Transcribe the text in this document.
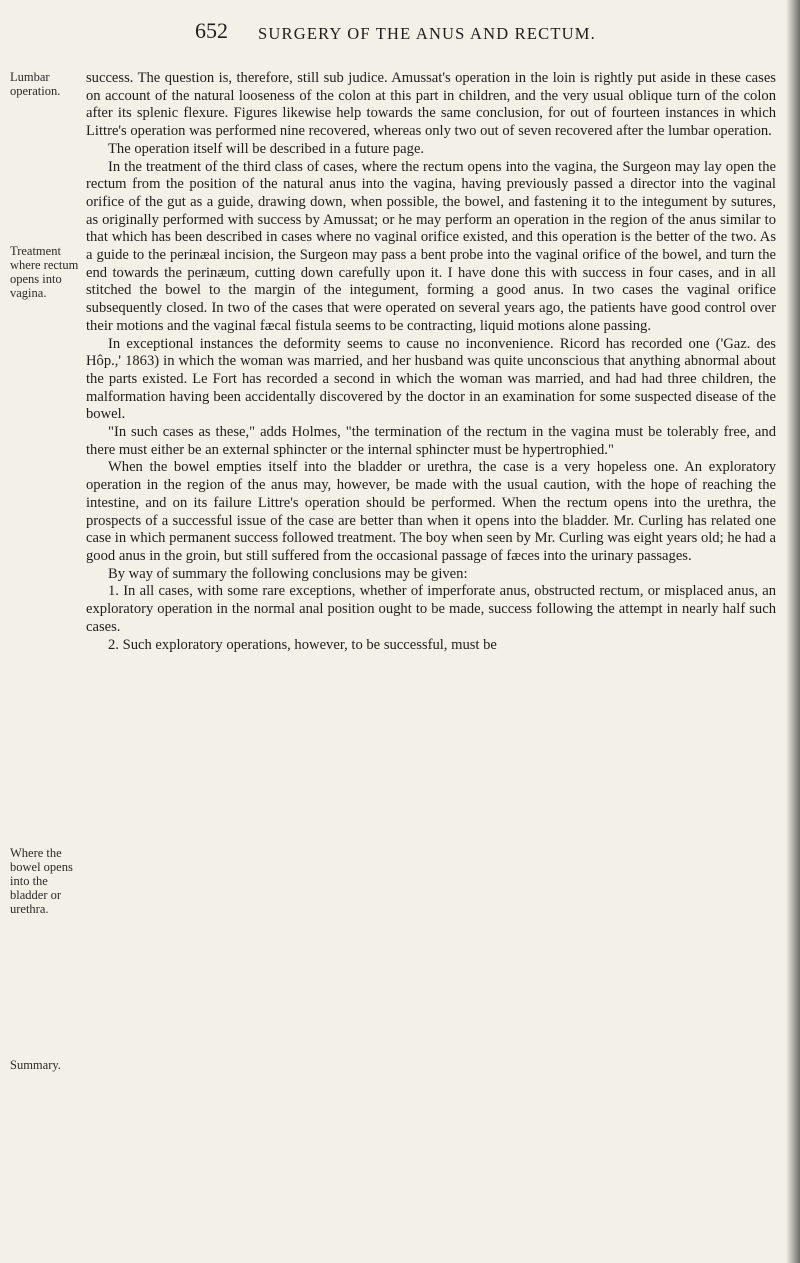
652 SURGERY OF THE ANUS AND RECTUM.
Lumbar operation.
Treatment where rectum opens into vagina.
Where the bowel opens into the bladder or urethra.
Summary.

success. The question is, therefore, still sub judice. Amussat's operation in the loin is rightly put aside in these cases on account of the natural looseness of the colon at this part in children, and the very usual oblique turn of the colon after its splenic flexure. Figures likewise help towards the same conclusion, for out of fourteen instances in which Littre's operation was performed nine recovered, whereas only two out of seven recovered after the lumbar operation.

The operation itself will be described in a future page.

In the treatment of the third class of cases, where the rectum opens into the vagina, the Surgeon may lay open the rectum from the position of the natural anus into the vagina, having previously passed a director into the vaginal orifice of the gut as a guide, drawing down, when possible, the bowel, and fastening it to the integument by sutures, as originally performed with success by Amussat; or he may perform an operation in the region of the anus similar to that which has been described in cases where no vaginal orifice existed, and this operation is the better of the two. As a guide to the perinæal incision, the Surgeon may pass a bent probe into the vaginal orifice of the bowel, and turn the end towards the perinæum, cutting down carefully upon it. I have done this with success in four cases, and in all stitched the bowel to the margin of the integument, forming a good anus. In two cases the vaginal orifice subsequently closed. In two of the cases that were operated on several years ago, the patients have good control over their motions and the vaginal fæcal fistula seems to be contracting, liquid motions alone passing.

In exceptional instances the deformity seems to cause no inconvenience. Ricord has recorded one ('Gaz. des Hôp.,' 1863) in which the woman was married, and her husband was quite unconscious that anything abnormal about the parts existed. Le Fort has recorded a second in which the woman was married, and had had three children, the malformation having been accidentally discovered by the doctor in an examination for some suspected disease of the bowel.

"In such cases as these," adds Holmes, "the termination of the rectum in the vagina must be tolerably free, and there must either be an external sphincter or the internal sphincter must be hypertrophied."

When the bowel empties itself into the bladder or urethra, the case is a very hopeless one. An exploratory operation in the region of the anus may, however, be made with the usual caution, with the hope of reaching the intestine, and on its failure Littre's operation should be performed. When the rectum opens into the urethra, the prospects of a successful issue of the case are better than when it opens into the bladder. Mr. Curling has related one case in which permanent success followed treatment. The boy when seen by Mr. Curling was eight years old; he had a good anus in the groin, but still suffered from the occasional passage of fæces into the urinary passages.

By way of summary the following conclusions may be given:

1. In all cases, with some rare exceptions, whether of imperforate anus, obstructed rectum, or misplaced anus, an exploratory operation in the normal anal position ought to be made, success following the attempt in nearly half such cases.

2. Such exploratory operations, however, to be successful, must be
